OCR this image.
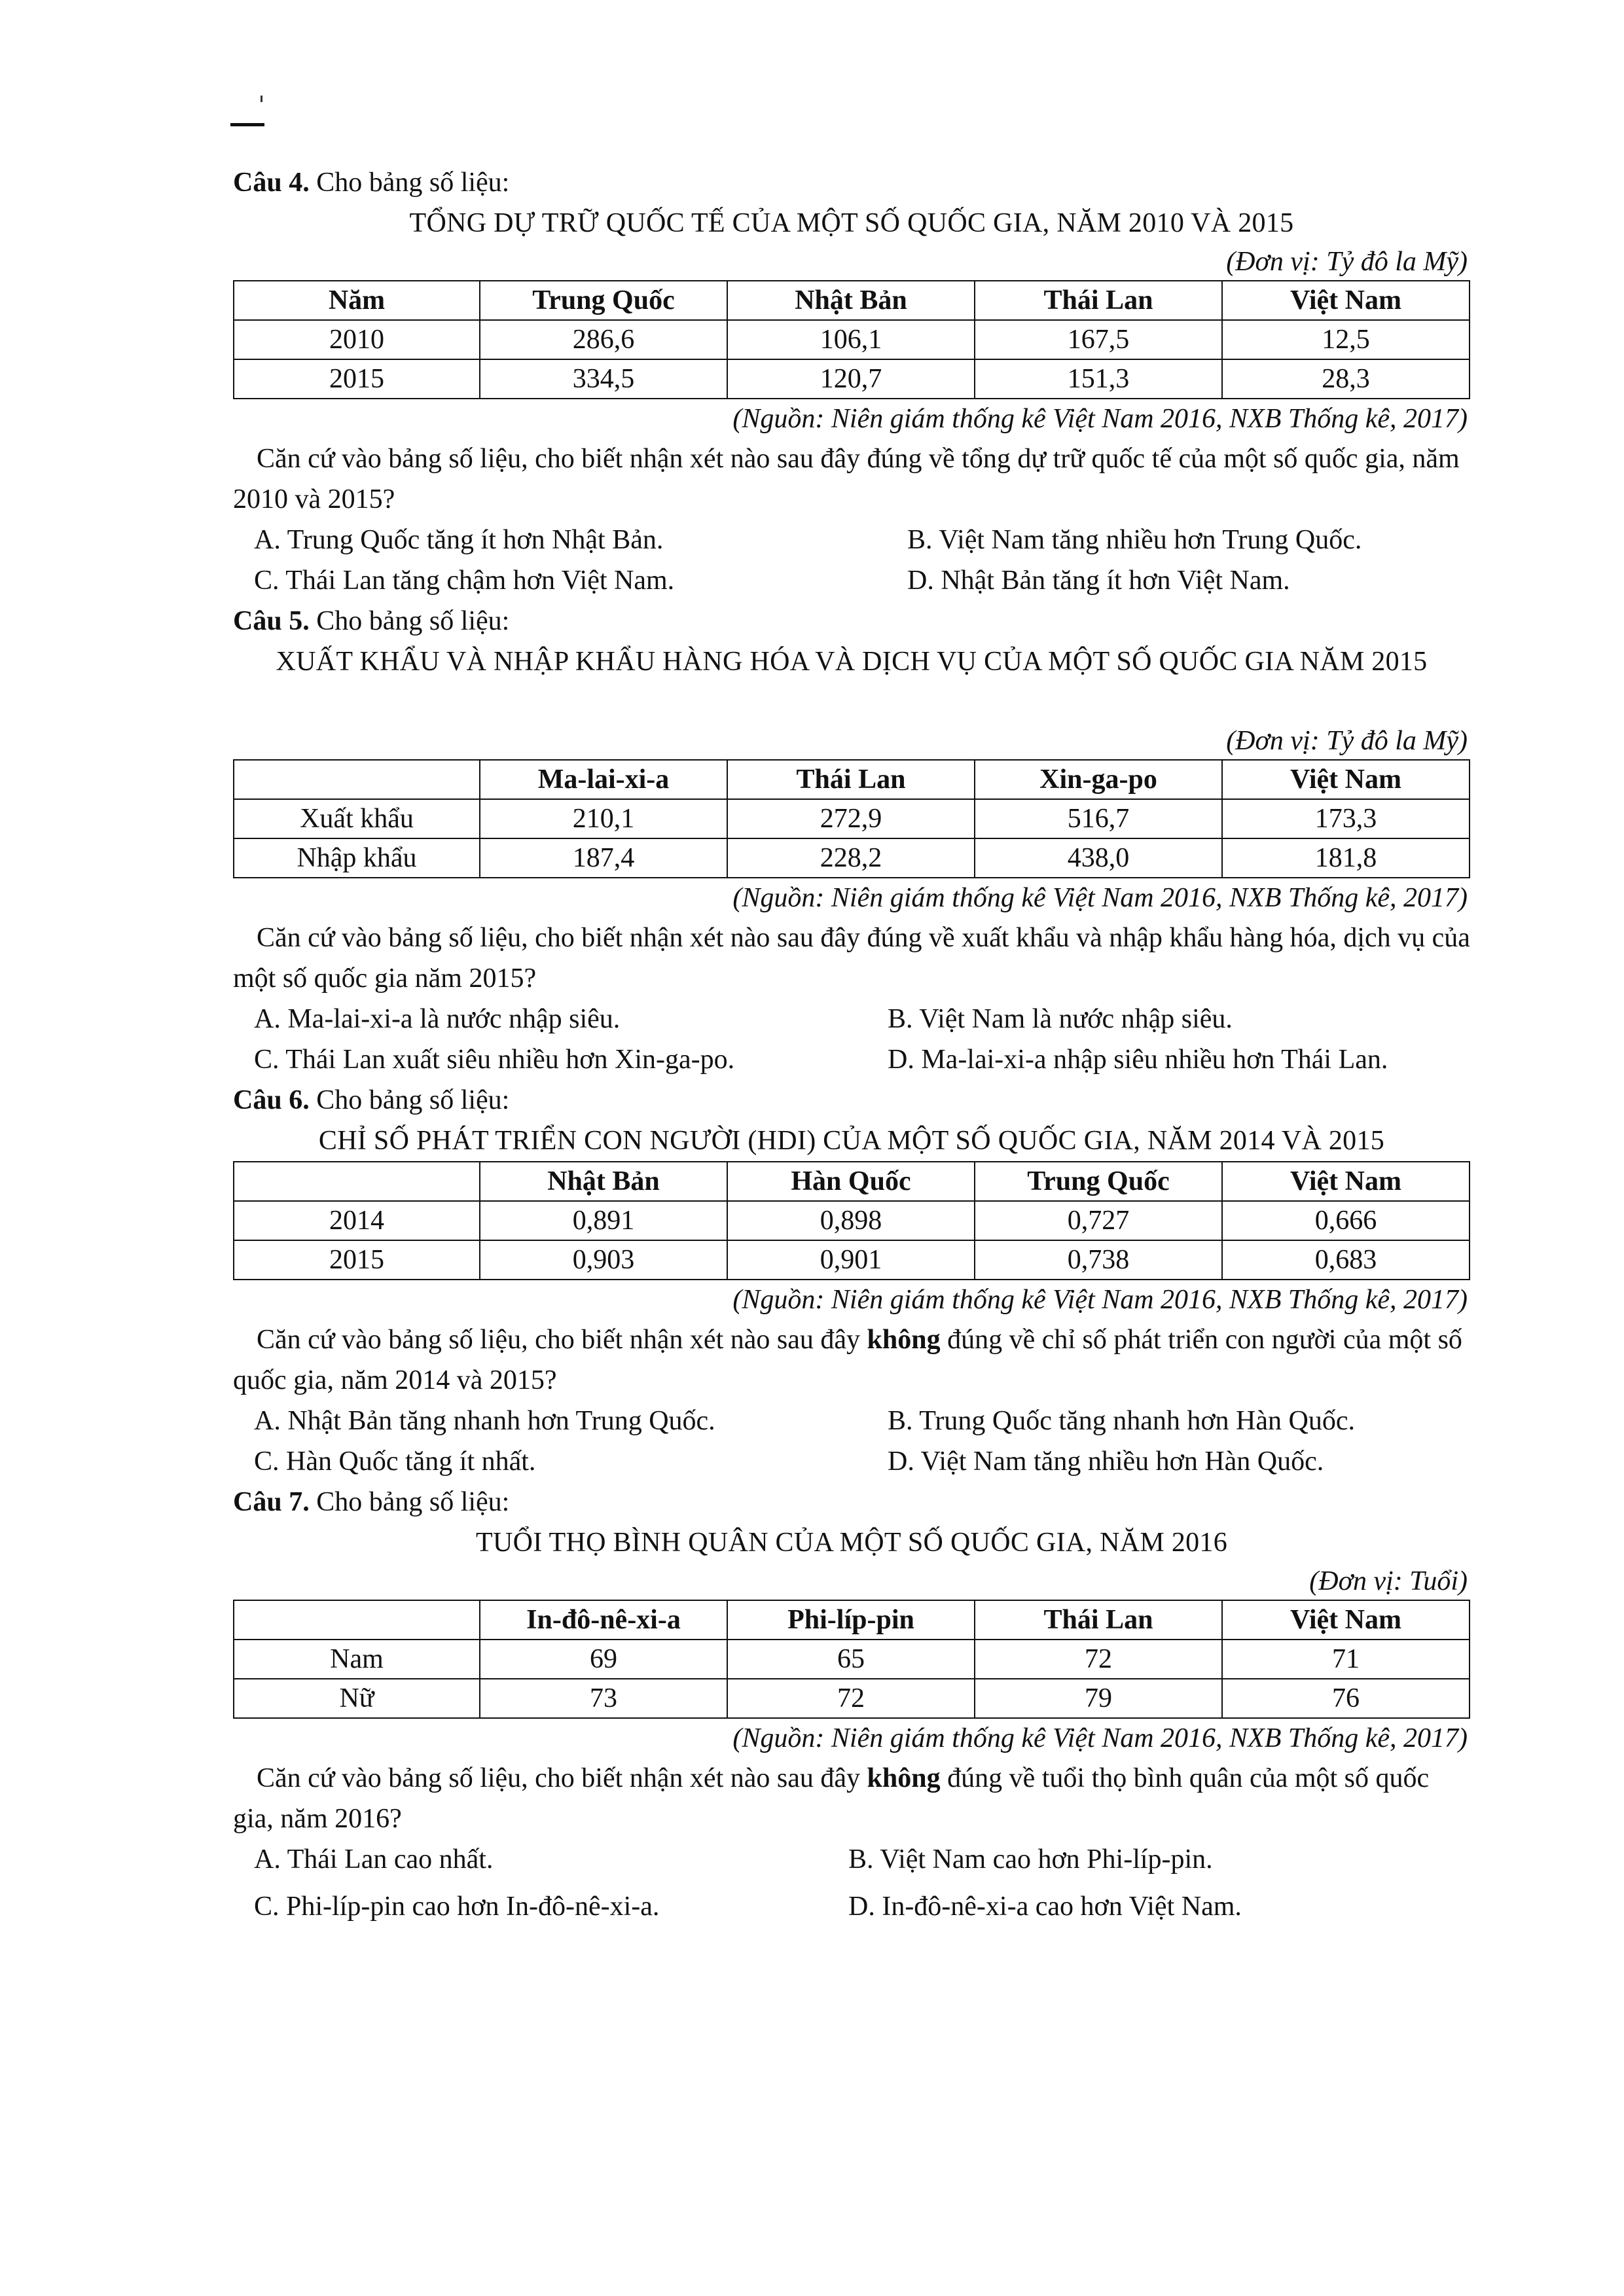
Câu 4. Cho bảng số liệu:

TỔNG DỰ TRỮ QUỐC TẾ CỦA MỘT SỐ QUỐC GIA, NĂM 2010 VÀ 2015

(Đơn vị: Tỷ đô la Mỹ)

Năm	Trung Quốc	Nhật Bản	Thái Lan	Việt Nam
2010	286,6	106,1	167,5	12,5
2015	334,5	120,7	151,3	28,3

(Nguồn: Niên giám thống kê Việt Nam 2016, NXB Thống kê, 2017)

Căn cứ vào bảng số liệu, cho biết nhận xét nào sau đây đúng về tổng dự trữ quốc tế của một số quốc gia, năm 2010 và 2015?

A. Trung Quốc tăng ít hơn Nhật Bản.	B. Việt Nam tăng nhiều hơn Trung Quốc.
C. Thái Lan tăng chậm hơn Việt Nam.	D. Nhật Bản tăng ít hơn Việt Nam.

Câu 5. Cho bảng số liệu:

XUẤT KHẨU VÀ NHẬP KHẨU HÀNG HÓA VÀ DỊCH VỤ CỦA MỘT SỐ QUỐC GIA NĂM 2015

(Đơn vị: Tỷ đô la Mỹ)

	Ma-lai-xi-a	Thái Lan	Xin-ga-po	Việt Nam
Xuất khẩu	210,1	272,9	516,7	173,3
Nhập khẩu	187,4	228,2	438,0	181,8

(Nguồn: Niên giám thống kê Việt Nam 2016, NXB Thống kê, 2017)

Căn cứ vào bảng số liệu, cho biết nhận xét nào sau đây đúng về xuất khẩu và nhập khẩu hàng hóa, dịch vụ của một số quốc gia năm 2015?

A. Ma-lai-xi-a là nước nhập siêu.	B. Việt Nam là nước nhập siêu.
C. Thái Lan xuất siêu nhiều hơn Xin-ga-po.	D. Ma-lai-xi-a nhập siêu nhiều hơn Thái Lan.

Câu 6. Cho bảng số liệu:

CHỈ SỐ PHÁT TRIỂN CON NGƯỜI (HDI) CỦA MỘT SỐ QUỐC GIA, NĂM 2014 VÀ 2015

	Nhật Bản	Hàn Quốc	Trung Quốc	Việt Nam
2014	0,891	0,898	0,727	0,666
2015	0,903	0,901	0,738	0,683

(Nguồn: Niên giám thống kê Việt Nam 2016, NXB Thống kê, 2017)

Căn cứ vào bảng số liệu, cho biết nhận xét nào sau đây không đúng về chỉ số phát triển con người của một số quốc gia, năm 2014 và 2015?

A. Nhật Bản tăng nhanh hơn Trung Quốc.	B. Trung Quốc tăng nhanh hơn Hàn Quốc.
C. Hàn Quốc tăng ít nhất.	D. Việt Nam tăng nhiều hơn Hàn Quốc.

Câu 7. Cho bảng số liệu:

TUỔI THỌ BÌNH QUÂN CỦA MỘT SỐ QUỐC GIA, NĂM 2016

(Đơn vị: Tuổi)

	In-đô-nê-xi-a	Phi-líp-pin	Thái Lan	Việt Nam
Nam	69	65	72	71
Nữ	73	72	79	76

(Nguồn: Niên giám thống kê Việt Nam 2016, NXB Thống kê, 2017)

Căn cứ vào bảng số liệu, cho biết nhận xét nào sau đây không đúng về tuổi thọ bình quân của một số quốc gia, năm 2016?

A. Thái Lan cao nhất.	B. Việt Nam cao hơn Phi-líp-pin.
C. Phi-líp-pin cao hơn In-đô-nê-xi-a.	D. In-đô-nê-xi-a cao hơn Việt Nam.
